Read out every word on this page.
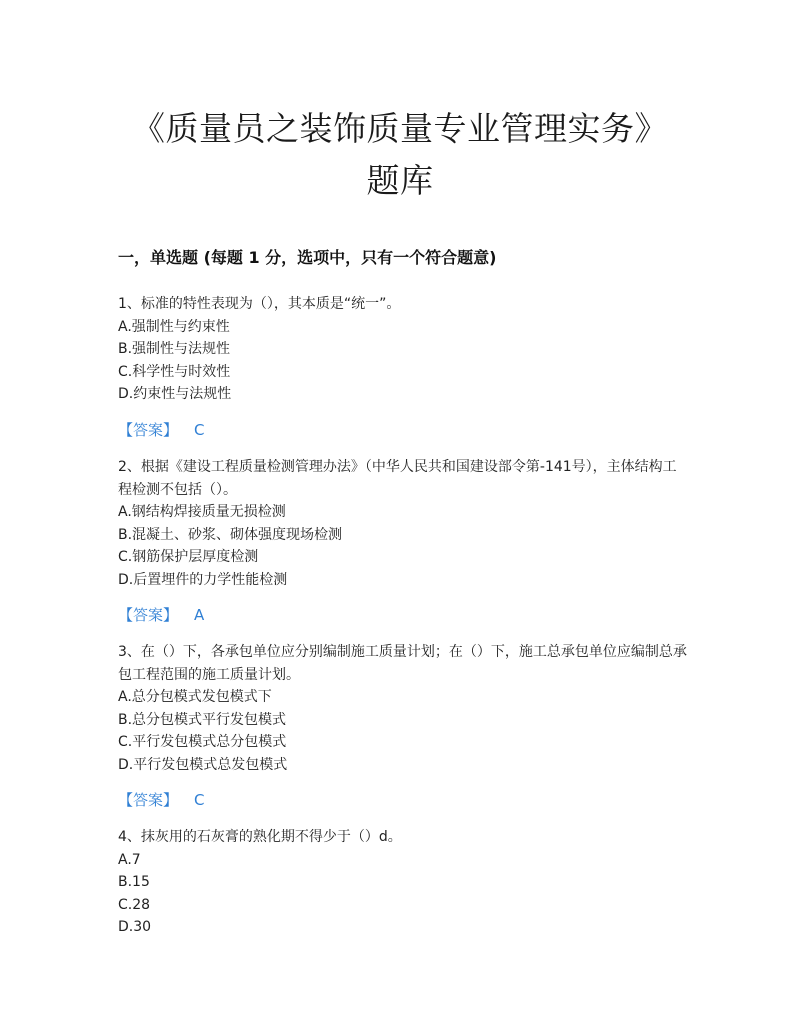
《质量员之装饰质量专业管理实务》
题库
一，单选题 (每题 1 分，选项中，只有一个符合题意)

1、标准的特性表现为（），其本质是“统一”。

A.强制性与约束性

B.强制性与法规性

C.科学性与时效性

D.约束性与法规性

【答案】 C

2、根据《建设工程质量检测管理办法》（中华人民共和国建设部令第-141号），主体结构工程检测不包括（）。

A.钢结构焊接质量无损检测

B.混凝土、砂浆、砌体强度现场检测

C.钢筋保护层厚度检测

D.后置埋件的力学性能检测

【答案】 A

3、在（）下，各承包单位应分别编制施工质量计划；在（）下，施工总承包单位应编制总承包工程范围的施工质量计划。

A.总分包模式发包模式下

B.总分包模式平行发包模式

C.平行发包模式总分包模式

D.平行发包模式总发包模式

【答案】 C

4、抹灰用的石灰膏的熟化期不得少于（）d。

A.7

B.15

C.28

D.30
